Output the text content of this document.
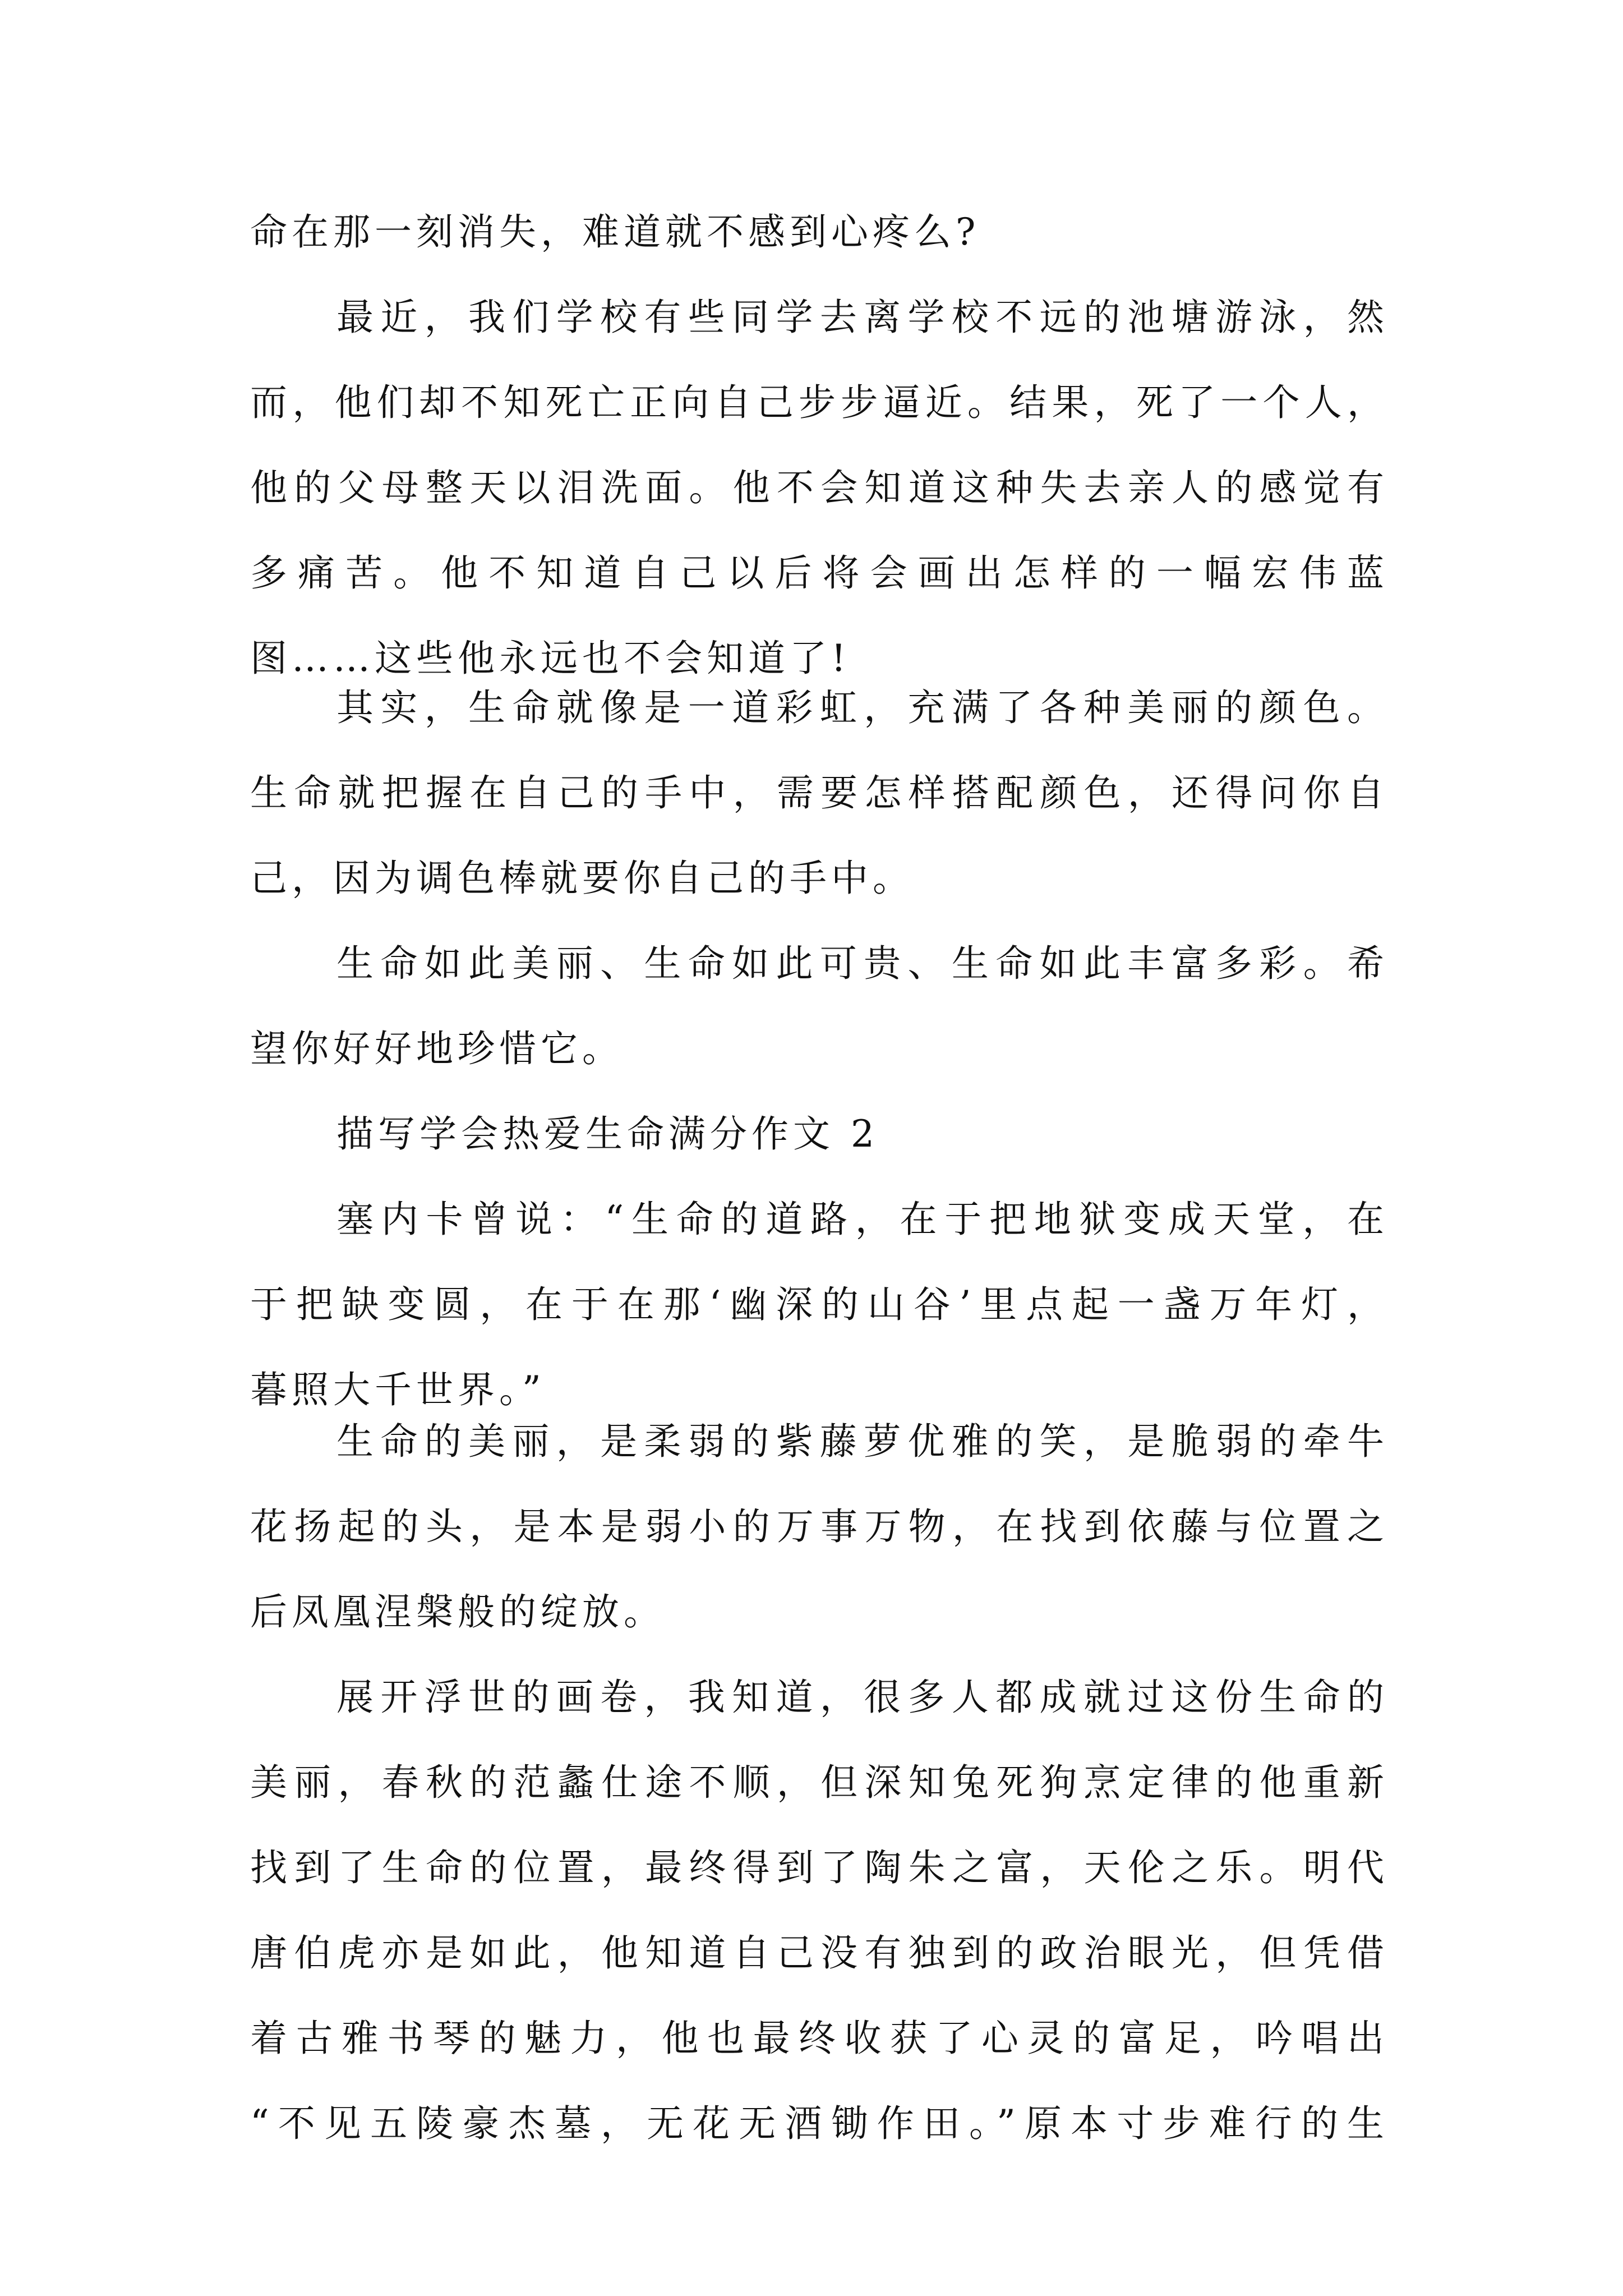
命在那一刻消失，难道就不感到心疼么?
最近，我们学校有些同学去离学校不远的池塘游泳，然
而，他们却不知死亡正向自己步步逼近。结果，死了一个人，
他的父母整天以泪洗面。他不会知道这种失去亲人的感觉有
多痛苦。他不知道自己以后将会画出怎样的一幅宏伟蓝
图……这些他永远也不会知道了!
其实，生命就像是一道彩虹，充满了各种美丽的颜色。
生命就把握在自己的手中，需要怎样搭配颜色，还得问你自
己，因为调色棒就要你自己的手中。
生命如此美丽、生命如此可贵、生命如此丰富多彩。希
望你好好地珍惜它。
描写学会热爱生命满分作文 2
塞内卡曾说：“生命的道路，在于把地狱变成天堂，在
于把缺变圆，在于在那‘幽深的山谷’里点起一盏万年灯，
暮照大千世界。”
生命的美丽，是柔弱的紫藤萝优雅的笑，是脆弱的牵牛
花扬起的头，是本是弱小的万事万物，在找到依藤与位置之
后凤凰涅槃般的绽放。
展开浮世的画卷，我知道，很多人都成就过这份生命的
美丽，春秋的范蠡仕途不顺，但深知兔死狗烹定律的他重新
找到了生命的位置，最终得到了陶朱之富，天伦之乐。明代
唐伯虎亦是如此，他知道自己没有独到的政治眼光，但凭借
着古雅书琴的魅力，他也最终收获了心灵的富足，吟唱出
“不见五陵豪杰墓，无花无酒锄作田。”原本寸步难行的生
